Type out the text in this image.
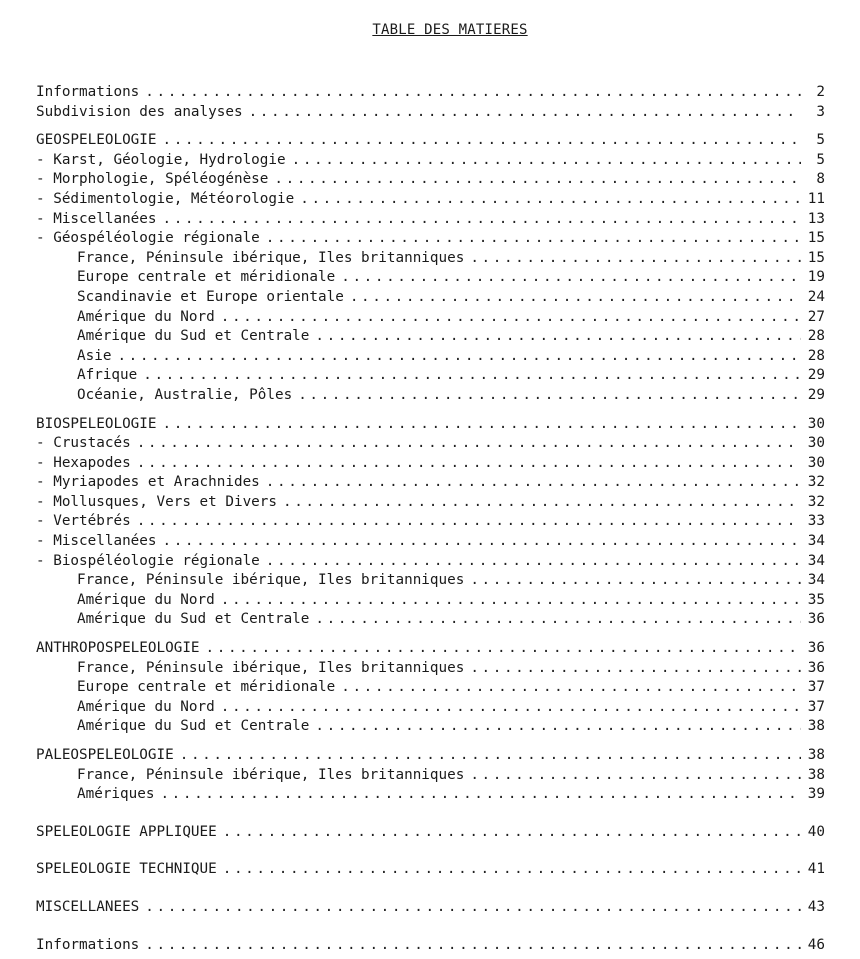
TABLE DES MATIERES
Informations .....	2
Subdivision des analyses .....	3
GEOSPELEOLOGIE .....	5
- Karst, Géologie, Hydrologie .....	5
- Morphologie, Spéléogénèse .....	8
- Sédimentologie, Météorologie .....	11
- Miscellanées .....	13
- Géospéléologie régionale .....	15
France, Péninsule ibérique, Iles britanniques .....	15
Europe centrale et méridionale .....	19
Scandinavie et Europe orientale .....	24
Amérique du Nord .....	27
Amérique du Sud et Centrale .....	28
Asie .....	28
Afrique .....	29
Océanie, Australie, Pôles .....	29
BIOSPELEOLOGIE .....	30
- Crustacés .....	30
- Hexapodes .....	30
- Myriapodes et Arachnides .....	32
- Mollusques, Vers et Divers .....	32
- Vertébrés .....	33
- Miscellanées .....	34
- Biospéléologie régionale .....	34
France, Péninsule ibérique, Iles britanniques .....	34
Amérique du Nord .....	35
Amérique du Sud et Centrale .....	36
ANTHROPOSPELEOLOGIE .....	36
France, Péninsule ibérique, Iles britanniques .....	36
Europe centrale et méridionale .....	37
Amérique du Nord .....	37
Amérique du Sud et Centrale .....	38
PALEOSPELEOLOGIE .....	38
France, Péninsule ibérique, Iles britanniques .....	38
Amériques .....	39
SPELEOLOGIE APPLIQUEE .....	40
SPELEOLOGIE TECHNIQUE .....	41
MISCELLANEES .....	43
Informations .....	46
